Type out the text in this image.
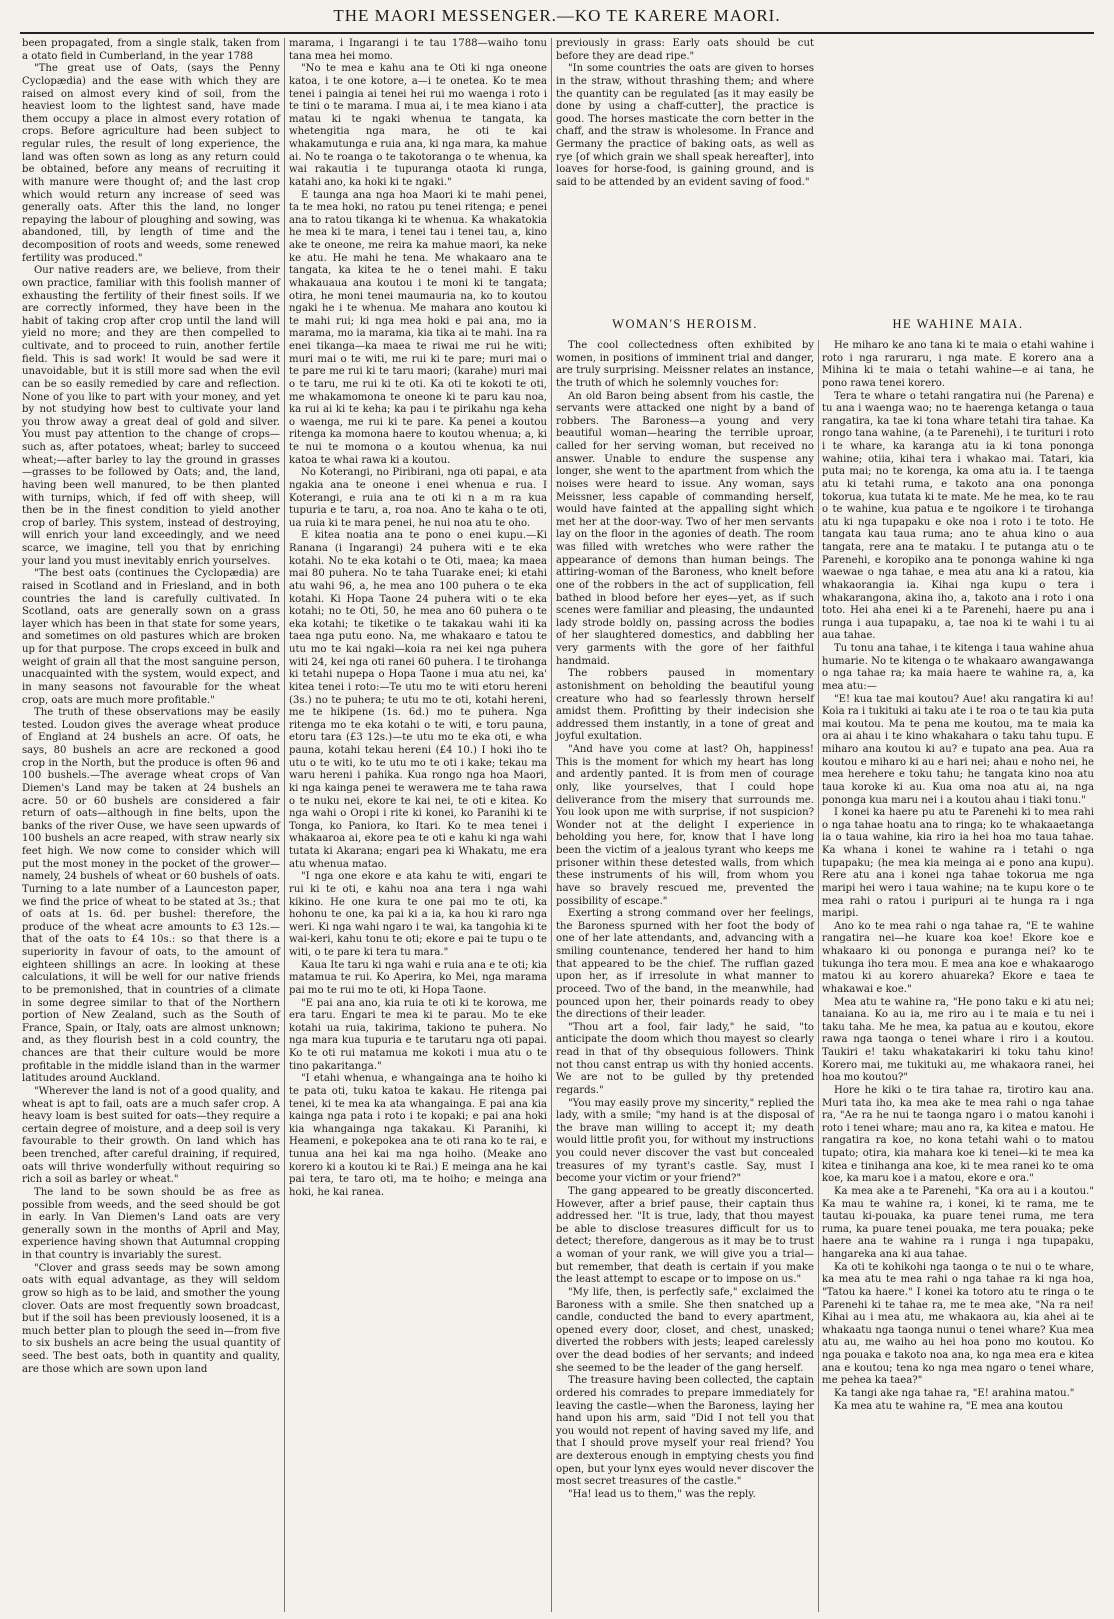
THE MAORI MESSENGER.—KO TE KARERE MAORI.

been propagated, from a single stalk, taken from a otato field in Cumberland, in the year 1788

"The great use of Oats, (says the Penny Cyclopædia) and the ease with which they are raised on almost every kind of soil, from the heaviest loom to the lightest sand, have made them occupy a place in almost every rotation of crops. Before agriculture had been subject to regular rules, the result of long experience, the land was often sown as long as any return could be obtained, before any means of recruiting it with manure were thought of; and the last crop which would return any increase of seed was generally oats. After this the land, no longer repaying the labour of ploughing and sowing, was abandoned, till, by length of time and the decomposition of roots and weeds, some renewed fertility was produced."

Our native readers are, we believe, from their own practice, familiar with this foolish manner of exhausting the fertility of their finest soils. If we are correctly informed, they have been in the habit of taking crop after crop until the land will yield no more; and they are then compelled to cultivate, and to proceed to ruin, another fertile field. This is sad work! It would be sad were it unavoidable, but it is still more sad when the evil can be so easily remedied by care and reflection. None of you like to part with your money, and yet by not studying how best to cultivate your land you throw away a great deal of gold and silver. You must pay attention to the change of crops—such as, after potatoes, wheat; barley to succeed wheat;—after barley to lay the ground in grasses—grasses to be followed by Oats; and, the land, having been well manured, to be then planted with turnips, which, if fed off with sheep, will then be in the finest condition to yield another crop of barley. This system, instead of destroying, will enrich your land exceedingly, and we need scarce, we imagine, tell you that by enriching your land you must inevitably enrich yourselves.

"The best oats (continues the Cyclopædia) are raised in Scotland and in Friesland, and in both countries the land is carefully cultivated. In Scotland, oats are generally sown on a grass layer which has been in that state for some years, and sometimes on old pastures which are broken up for that purpose. The crops exceed in bulk and weight of grain all that the most sanguine person, unacquainted with the system, would expect, and in many seasons not favourable for the wheat crop, oats are much more profitable."

The truth of these observations may be easily tested. Loudon gives the average wheat produce of England at 24 bushels an acre. Of oats, he says, 80 bushels an acre are reckoned a good crop in the North, but the produce is often 96 and 100 bushels.—The average wheat crops of Van Diemen's Land may be taken at 24 bushels an acre. 50 or 60 bushels are considered a fair return of oats—although in fine belts, upon the banks of the river Ouse, we have seen upwards of 100 bushels an acre reaped, with straw nearly six feet high. We now come to consider which will put the most money in the pocket of the grower—namely, 24 bushels of wheat or 60 bushels of oats. Turning to a late number of a Launceston paper, we find the price of wheat to be stated at 3s.; that of oats at 1s. 6d. per bushel: therefore, the produce of the wheat acre amounts to £3 12s.—that of the oats to £4 10s.: so that there is a superiority in favour of oats, to the amount of eighteen shillings an acre. In looking at these calculations, it will be well for our native friends to be premonished, that in countries of a climate in some degree similar to that of the Northern portion of New Zealand, such as the South of France, Spain, or Italy, oats are almost unknown; and, as they flourish best in a cold country, the chances are that their culture would be more profitable in the middle island than in the warmer latitudes around Auckland.

"Wherever the land is not of a good quality, and wheat is apt to fail, oats are a much safer crop. A heavy loam is best suited for oats—they require a certain degree of moisture, and a deep soil is very favourable to their growth. On land which has been trenched, after careful draining, if required, oats will thrive wonderfully without requiring so rich a soil as barley or wheat."

The land to be sown should be as free as possible from weeds, and the seed should be got in early. In Van Diemen's Land oats are very generally sown in the months of April and May, experience having shown that Autumnal cropping in that country is invariably the surest.

"Clover and grass seeds may be sown among oats with equal advantage, as they will seldom grow so high as to be laid, and smother the young clover. Oats are most frequently sown broadcast, but if the soil has been previously loosened, it is a much better plan to plough the seed in—from five to six bushels an acre being the usual quantity of seed. The best oats, both in quantity and quality, are those which are sown upon land

marama, i Ingarangi i te tau 1788—waiho tonu tana mea hei momo.

"No te mea e kahu ana te Oti ki nga oneone katoa, i te one kotore, a—i te onetea. Ko te mea tenei i paingia ai tenei hei rui mo waenga i roto i te tini o te marama. I mua ai, i te mea kiano i ata matau ki te ngaki whenua te tangata, ka whetengitia nga mara, he oti te kai whakamutunga e ruia ana, ki nga mara, ka mahue ai. No te roanga o te takotoranga o te whenua, ka wai rakautia i te tupuranga otaota ki runga, katahi ano, ka hoki ki te ngaki."

E taunga ana nga hoa Maori ki te mahi penei, ta te mea hoki, no ratou pu tenei ritenga; e penei ana to ratou tikanga ki te whenua. Ka whakatokia he mea ki te mara, i tenei tau i tenei tau, a, kino ake te oneone, me reira ka mahue maori, ka neke ke atu. He mahi he tena. Me whakaaro ana te tangata, ka kitea te he o tenei mahi. E taku whakauaua ana koutou i te moni ki te tangata; otira, he moni tenei maumauria na, ko to koutou ngaki he i te whenua. Me mahara ano koutou ki te mahi rui; ki nga mea hoki e pai ana, mo ia marama, mo ia marama, kia tika ai te mahi. Ina ra enei tikanga—ka maea te riwai me rui he witi; muri mai o te witi, me rui ki te pare; muri mai o te pare me rui ki te taru maori; (karahe) muri mai o te taru, me rui ki te oti. Ka oti te kokoti te oti, me whakamomona te oneone ki te paru kau noa, ka rui ai ki te keha; ka pau i te pirikahu nga keha o waenga, me rui ki te pare. Ka penei a koutou ritenga ka momona haere to koutou whenua; a, ki te nui te momona o a koutou whenua, ka nui katoa te whai rawa ki a koutou.

No Koterangi, no Piribirani, nga oti papai, e ata ngakia ana te oneone i enei whenua e rua. I Koterangi, e ruia ana te oti ki n a m ra kua tupuria e te taru, a, roa noa. Ano te kaha o te oti, ua ruia ki te mara penei, he nui noa atu te oho.

E kitea noatia ana te pono o enei kupu.—Ki Ranana (i Ingarangi) 24 puhera witi e te eka kotahi. No te eka kotahi o te Oti, maea; ka maea mai 80 puhera. No te taha Tuarake enei; ki etahi atu wahi 96, a, he mea ano 100 puhera o te eka kotahi. Ki Hopa Taone 24 puhera witi o te eka kotahi; no te Oti, 50, he mea ano 60 puhera o te eka kotahi; te tiketike o te takakau wahi iti ka taea nga putu eono. Na, me whakaaro e tatou te utu mo te kai ngaki—koia ra nei kei nga puhera witi 24, kei nga oti ranei 60 puhera. I te tirohanga ki tetahi nupepa o Hopa Taone i mua atu nei, ka' kitea tenei i roto:—Te utu mo te witi etoru hereni (3s.) no te puhera; te utu mo te oti, kotahi hereni, me te hikipene (1s. 6d.) mo te puhera. Nga ritenga mo te eka kotahi o te witi, e toru pauna, etoru tara (£3 12s.)—te utu mo te eka oti, e wha pauna, kotahi tekau hereni (£4 10.) I hoki iho te utu o te witi, ko te utu mo te oti i kake; tekau ma waru hereni i pahika. Kua rongo nga hoa Maori, ki nga kainga penei te werawera me te taha rawa o te nuku nei, ekore te kai nei, te oti e kitea. Ko nga wahi o Oropi i rite ki konei, ko Paranihi ki te Tonga, ko Paniora, ko Itari. Ko te mea tenei i whakaaroa ai, ekore pea te oti e kahu ki nga wahi tutata ki Akarana; engari pea ki Whakatu, me era atu whenua matao.

"I nga one ekore e ata kahu te witi, engari te rui ki te oti, e kahu noa ana tera i nga wahi kikino. He one kura te one pai mo te oti, ka hohonu te one, ka pai ki a ia, ka hou ki raro nga weri. Ki nga wahi ngaro i te wai, ka tangohia ki te wai-keri, kahu tonu te oti; ekore e pai te tupu o te witi, o te pare ki tera tu mara."

Kaua Ite taru ki nga wahi e ruia ana e te oti; kia matamua te rui. Ko Aperira, ko Mei, nga marama pai mo te rui mo te oti, ki Hopa Taone.

"E pai ana ano, kia ruia te oti ki te korowa, me era taru. Engari te mea ki te parau. Mo te eke kotahi ua ruia, takirima, takiono te puhera. No nga mara kua tupuria e te tarutaru nga oti papai. Ko te oti rui matamua me kokoti i mua atu o te tino pakaritanga."

"I etahi whenua, e whangainga ana te hoiho ki te pata oti, tuku katoa te kakau. He ritenga pai tenei, ki te mea ka ata whangainga. E pai ana kia kainga nga pata i roto i te kopaki; e pai ana hoki kia whangainga nga takakau. Ki Paranihi, ki Heameni, e pokepokea ana te oti rana ko te rai, e tunua ana hei kai ma nga hoiho. (Meake ano korero ki a koutou ki te Rai.) E meinga ana he kai pai tera, te taro oti, ma te hoiho; e meinga ana hoki, he kai ranea.

previously in grass: Early oats should be cut before they are dead ripe."

"In some countries the oats are given to horses in the straw, without thrashing them; and where the quantity can be regulated [as it may easily be done by using a chaff-cutter], the practice is good. The horses masticate the corn better in the chaff, and the straw is wholesome. In France and Germany the practice of baking oats, as well as rye [of which grain we shall speak hereafter], into loaves for horse-food, is gaining ground, and is said to be attended by an evident saving of food."

WOMAN'S HEROISM.	HE WAHINE MAIA.

The cool collectedness often exhibited by women, in positions of imminent trial and danger, are truly surprising. Meissner relates an instance, the truth of which he solemnly vouches for:

An old Baron being absent from his castle, the servants were attacked one night by a band of robbers. The Baroness—a young and very beautiful woman—hearing the terrible uproar, called for her serving woman, but received no answer. Unable to endure the suspense any longer, she went to the apartment from which the noises were heard to issue. Any woman, says Meissner, less capable of commanding herself, would have fainted at the appalling sight which met her at the door-way. Two of her men servants lay on the floor in the agonies of death. The room was filled with wretches who were rather the appearance of demons than human beings. The attiring-woman of the Baroness, who knelt before one of the robbers in the act of supplication, fell bathed in blood before her eyes—yet, as if such scenes were familiar and pleasing, the undaunted lady strode boldly on, passing across the bodies of her slaughtered domestics, and dabbling her very garments with the gore of her faithful handmaid.

The robbers paused in momentary astonishment on beholding the beautiful young creature who had so fearlessly thrown herself amidst them. Profitting by their indecision she addressed them instantly, in a tone of great and joyful exultation.

"And have you come at last? Oh, happiness! This is the moment for which my heart has long and ardently panted. It is from men of courage only, like yourselves, that I could hope deliverance from the misery that surrounds me. You look upon me with surprise, if not suspicion? Wonder not at the delight I experience in beholding you here, for, know that I have long been the victim of a jealous tyrant who keeps me prisoner within these detested walls, from which these instruments of his will, from whom you have so bravely rescued me, prevented the possibility of escape."

Exerting a strong command over her feelings, the Baroness spurned with her foot the body of one of her late attendants, and, advancing with a smiling countenance, tendered her hand to him that appeared to be the chief. The ruffian gazed upon her, as if irresolute in what manner to proceed. Two of the band, in the meanwhile, had pounced upon her, their poinards ready to obey the directions of their leader.

"Thou art a fool, fair lady," he said, "to anticipate the doom which thou mayest so clearly read in that of thy obsequious followers. Think not thou canst entrap us with thy honied accents. We are not to be gulled by thy pretended regards."

"You may easily prove my sincerity," replied the lady, with a smile; "my hand is at the disposal of the brave man willing to accept it; my death would little profit you, for without my instructions you could never discover the vast but concealed treasures of my tyrant's castle. Say, must I become your victim or your friend?"

The gang appeared to be greatly disconcerted. However, after a brief pause, their captain thus addressed her. "It is true, lady, that thou mayest be able to disclose treasures difficult for us to detect; therefore, dangerous as it may be to trust a woman of your rank, we will give you a trial—but remember, that death is certain if you make the least attempt to escape or to impose on us."

"My life, then, is perfectly safe," exclaimed the Baroness with a smile. She then snatched up a candle, conducted the band to every apartment, opened every door, closet, and chest, unasked; diverted the robbers with jests; leaped carelessly over the dead bodies of her servants; and indeed she seemed to be the leader of the gang herself.

The treasure having been collected, the captain ordered his comrades to prepare immediately for leaving the castle—when the Baroness, laying her hand upon his arm, said "Did I not tell you that you would not repent of having saved my life, and that I should prove myself your real friend? You are dexterous enough in emptying chests you find open, but your lynx eyes would never discover the most secret treasures of the castle."

"Ha! lead us to them," was the reply.

He miharo ke ano tana ki te maia o etahi wahine i roto i nga raruraru, i nga mate. E korero ana a Mihina ki te maia o tetahi wahine—e ai tana, he pono rawa tenei korero.

Tera te whare o tetahi rangatira nui (he Parena) e tu ana i waenga wao; no te haerenga ketanga o taua rangatira, ka tae ki tona whare tetahi tira tahae. Ka rongo tana wahine, (a te Parenehi), i te turituri i roto i te whare, ka karanga atu ia ki tona pononga wahine; otiia, kihai tera i whakao mai. Tatari, kia puta mai; no te korenga, ka oma atu ia. I te taenga atu ki tetahi ruma, e takoto ana ona pononga tokorua, kua tutata ki te mate. Me he mea, ko te rau o te wahine, kua patua e te ngoikore i te tirohanga atu ki nga tupapaku e oke noa i roto i te toto. He tangata kau taua ruma; ano te ahua kino o aua tangata, rere ana te mataku. I te putanga atu o te Parenehi, e koropiko ana te pononga wahine ki nga waewae o nga tahae, e mea atu ana ki a ratou, kia whakaorangia ia. Kihai nga kupu o tera i whakarangona, akina iho, a, takoto ana i roto i ona toto. Hei aha enei ki a te Parenehi, haere pu ana i runga i aua tupapaku, a, tae noa ki te wahi i tu ai aua tahae.

Tu tonu ana tahae, i te kitenga i taua wahine ahua humarie. No te kitenga o te whakaaro awangawanga o nga tahae ra; ka maia haere te wahine ra, a, ka mea atu:—

"E! kua tae mai koutou? Aue! aku rangatira ki au! Koia ra i tukituki ai taku ate i te roa o te tau kia puta mai koutou. Ma te pena me koutou, ma te maia ka ora ai ahau i te kino whakahara o taku tahu tupu. E miharo ana koutou ki au? e tupato ana pea. Aua ra koutou e miharo ki au e hari nei; ahau e noho nei, he mea herehere e toku tahu; he tangata kino noa atu taua koroke ki au. Kua oma noa atu ai, na nga pononga kua maru nei i a koutou ahau i tiaki tonu."

I konei ka haere pu atu te Parenehi ki to mea rahi o nga tahae hoatu ana to ringa; ko te whakaaetanga ia o taua wahine, kia riro ia hei hoa mo taua tahae. Ka whana i konei te wahine ra i tetahi o nga tupapaku; (he mea kia meinga ai e pono ana kupu). Rere atu ana i konei nga tahae tokorua me nga maripi hei wero i taua wahine; na te kupu kore o te mea rahi o ratou i puripuri ai te hunga ra i nga maripi.

Ano ko te mea rahi o nga tahae ra, "E te wahine rangatira nei—he kuare koa koe! Ekore koe e whakaaro ki ou pononga e puranga nei? ko te tukunga iho tera mou. E mea ana koe e whakaarogo matou ki au korero ahuareka? Ekore e taea te whakawai e koe."

Mea atu te wahine ra, "He pono taku e ki atu nei; tanaiana. Ko au ia, me riro au i te maia e tu nei i taku taha. Me he mea, ka patua au e koutou, ekore rawa nga taonga o tenei whare i riro i a koutou. Taukiri e! taku whakatakariri ki toku tahu kino! Korero mai, me tukituki au, me whakaora ranei, hei hoa mo koutou?"

Hore he kiki o te tira tahae ra, tirotiro kau ana. Muri tata iho, ka mea ake te mea rahi o nga tahae ra, "Ae ra he nui te taonga ngaro i o matou kanohi i roto i tenei whare; mau ano ra, ka kitea e matou. He rangatira ra koe, no kona tetahi wahi o to matou tupato; otira, kia mahara koe ki tenei—ki te mea ka kitea e tinihanga ana koe, ki te mea ranei ko te oma koe, ka maru koe i a matou, ekore e ora."

Ka mea ake a te Parenehi, "Ka ora au i a koutou." Ka mau te wahine ra, i konei, ki te rama, me te tautau ki-pouaka, ka puare tenei ruma, me tera ruma, ka puare tenei pouaka, me tera pouaka; peke haere ana te wahine ra i runga i nga tupapaku, hangareka ana ki aua tahae.

Ka oti te kohikohi nga taonga o te nui o te whare, ka mea atu te mea rahi o nga tahae ra ki nga hoa, "Tatou ka haere." I konei ka totoro atu te ringa o te Parenehi ki te tahae ra, me te mea ake, "Na ra nei! Kihai au i mea atu, me whakaora au, kia ahei ai te whakaatu nga taonga nunui o tenei whare? Kua mea atu au, me waiho au hei hoa pono mo koutou. Ko nga pouaka e takoto noa ana, ko nga mea era e kitea ana e koutou; tena ko nga mea ngaro o tenei whare, me pehea ka taea?"

Ka tangi ake nga tahae ra, "E! arahina matou."

Ka mea atu te wahine ra, "E mea ana koutou
